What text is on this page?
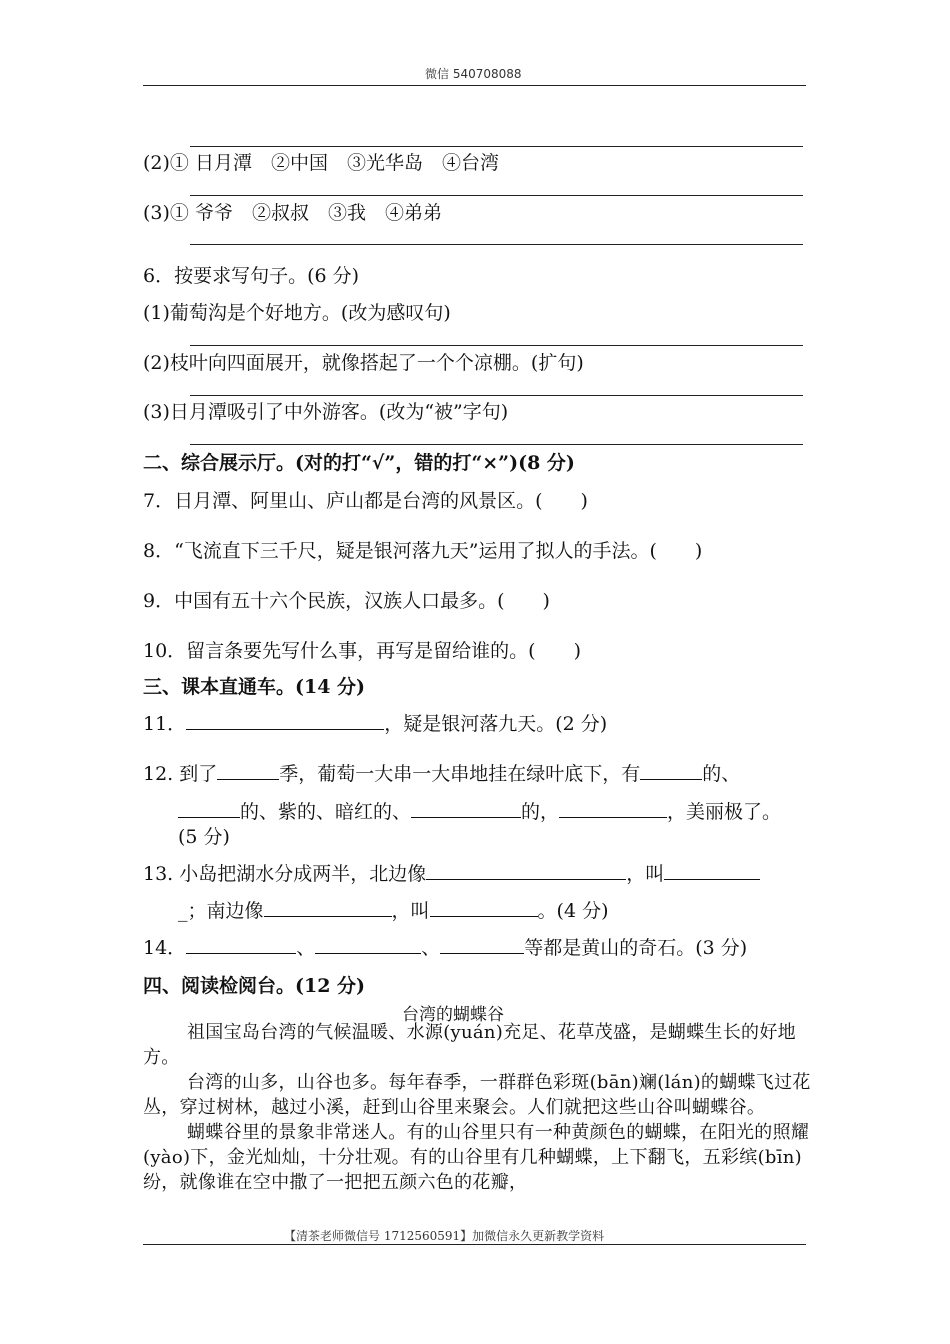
微信 540708088
(2)① 日月潭　②中国　③光华岛　④台湾
(3)① 爷爷　②叔叔　③我　④弟弟
6．按要求写句子。(6 分)
(1)葡萄沟是个好地方。(改为感叹句)
(2)枝叶向四面展开，就像搭起了一个个凉棚。(扩句)
(3)日月潭吸引了中外游客。(改为“被”字句)
二、综合展示厅。(对的打“√”，错的打“×”)(8 分)
7．日月潭、阿里山、庐山都是台湾的风景区。(　　)
8．“飞流直下三千尺，疑是银河落九天”运用了拟人的手法。(　　)
9．中国有五十六个民族，汉族人口最多。(　　)
10．留言条要先写什么事，再写是留给谁的。(　　)
三、课本直通车。(14 分)
11．	，疑是银河落九天。(2 分)
12. 到了	季，葡萄一大串一大串地挂在绿叶底下，有	的、
的、紫的、暗红的、	的，	，美丽极了。
(5 分)
13. 小岛把湖水分成两半，北边像	，叫
_；南边像	，叫	。(4 分)
14．	、	、	等都是黄山的奇石。(3 分)
四、阅读检阅台。(12 分)
台湾的蝴蝶谷

祖国宝岛台湾的气候温暖、水源(yuán)充足、花草茂盛，是蝴蝶生长的好地方。

台湾的山多，山谷也多。每年春季，一群群色彩斑(bān)斓(lán)的蝴蝶飞过花丛，穿过树林，越过小溪，赶到山谷里来聚会。人们就把这些山谷叫蝴蝶谷。

蝴蝶谷里的景象非常迷人。有的山谷里只有一种黄颜色的蝴蝶，在阳光的照耀(yào)下，金光灿灿，十分壮观。有的山谷里有几种蝴蝶，上下翻飞，五彩缤(bīn)纷，就像谁在空中撒了一把把五颜六色的花瓣，

【清茶老师微信号 1712560591】加微信永久更新教学资料
